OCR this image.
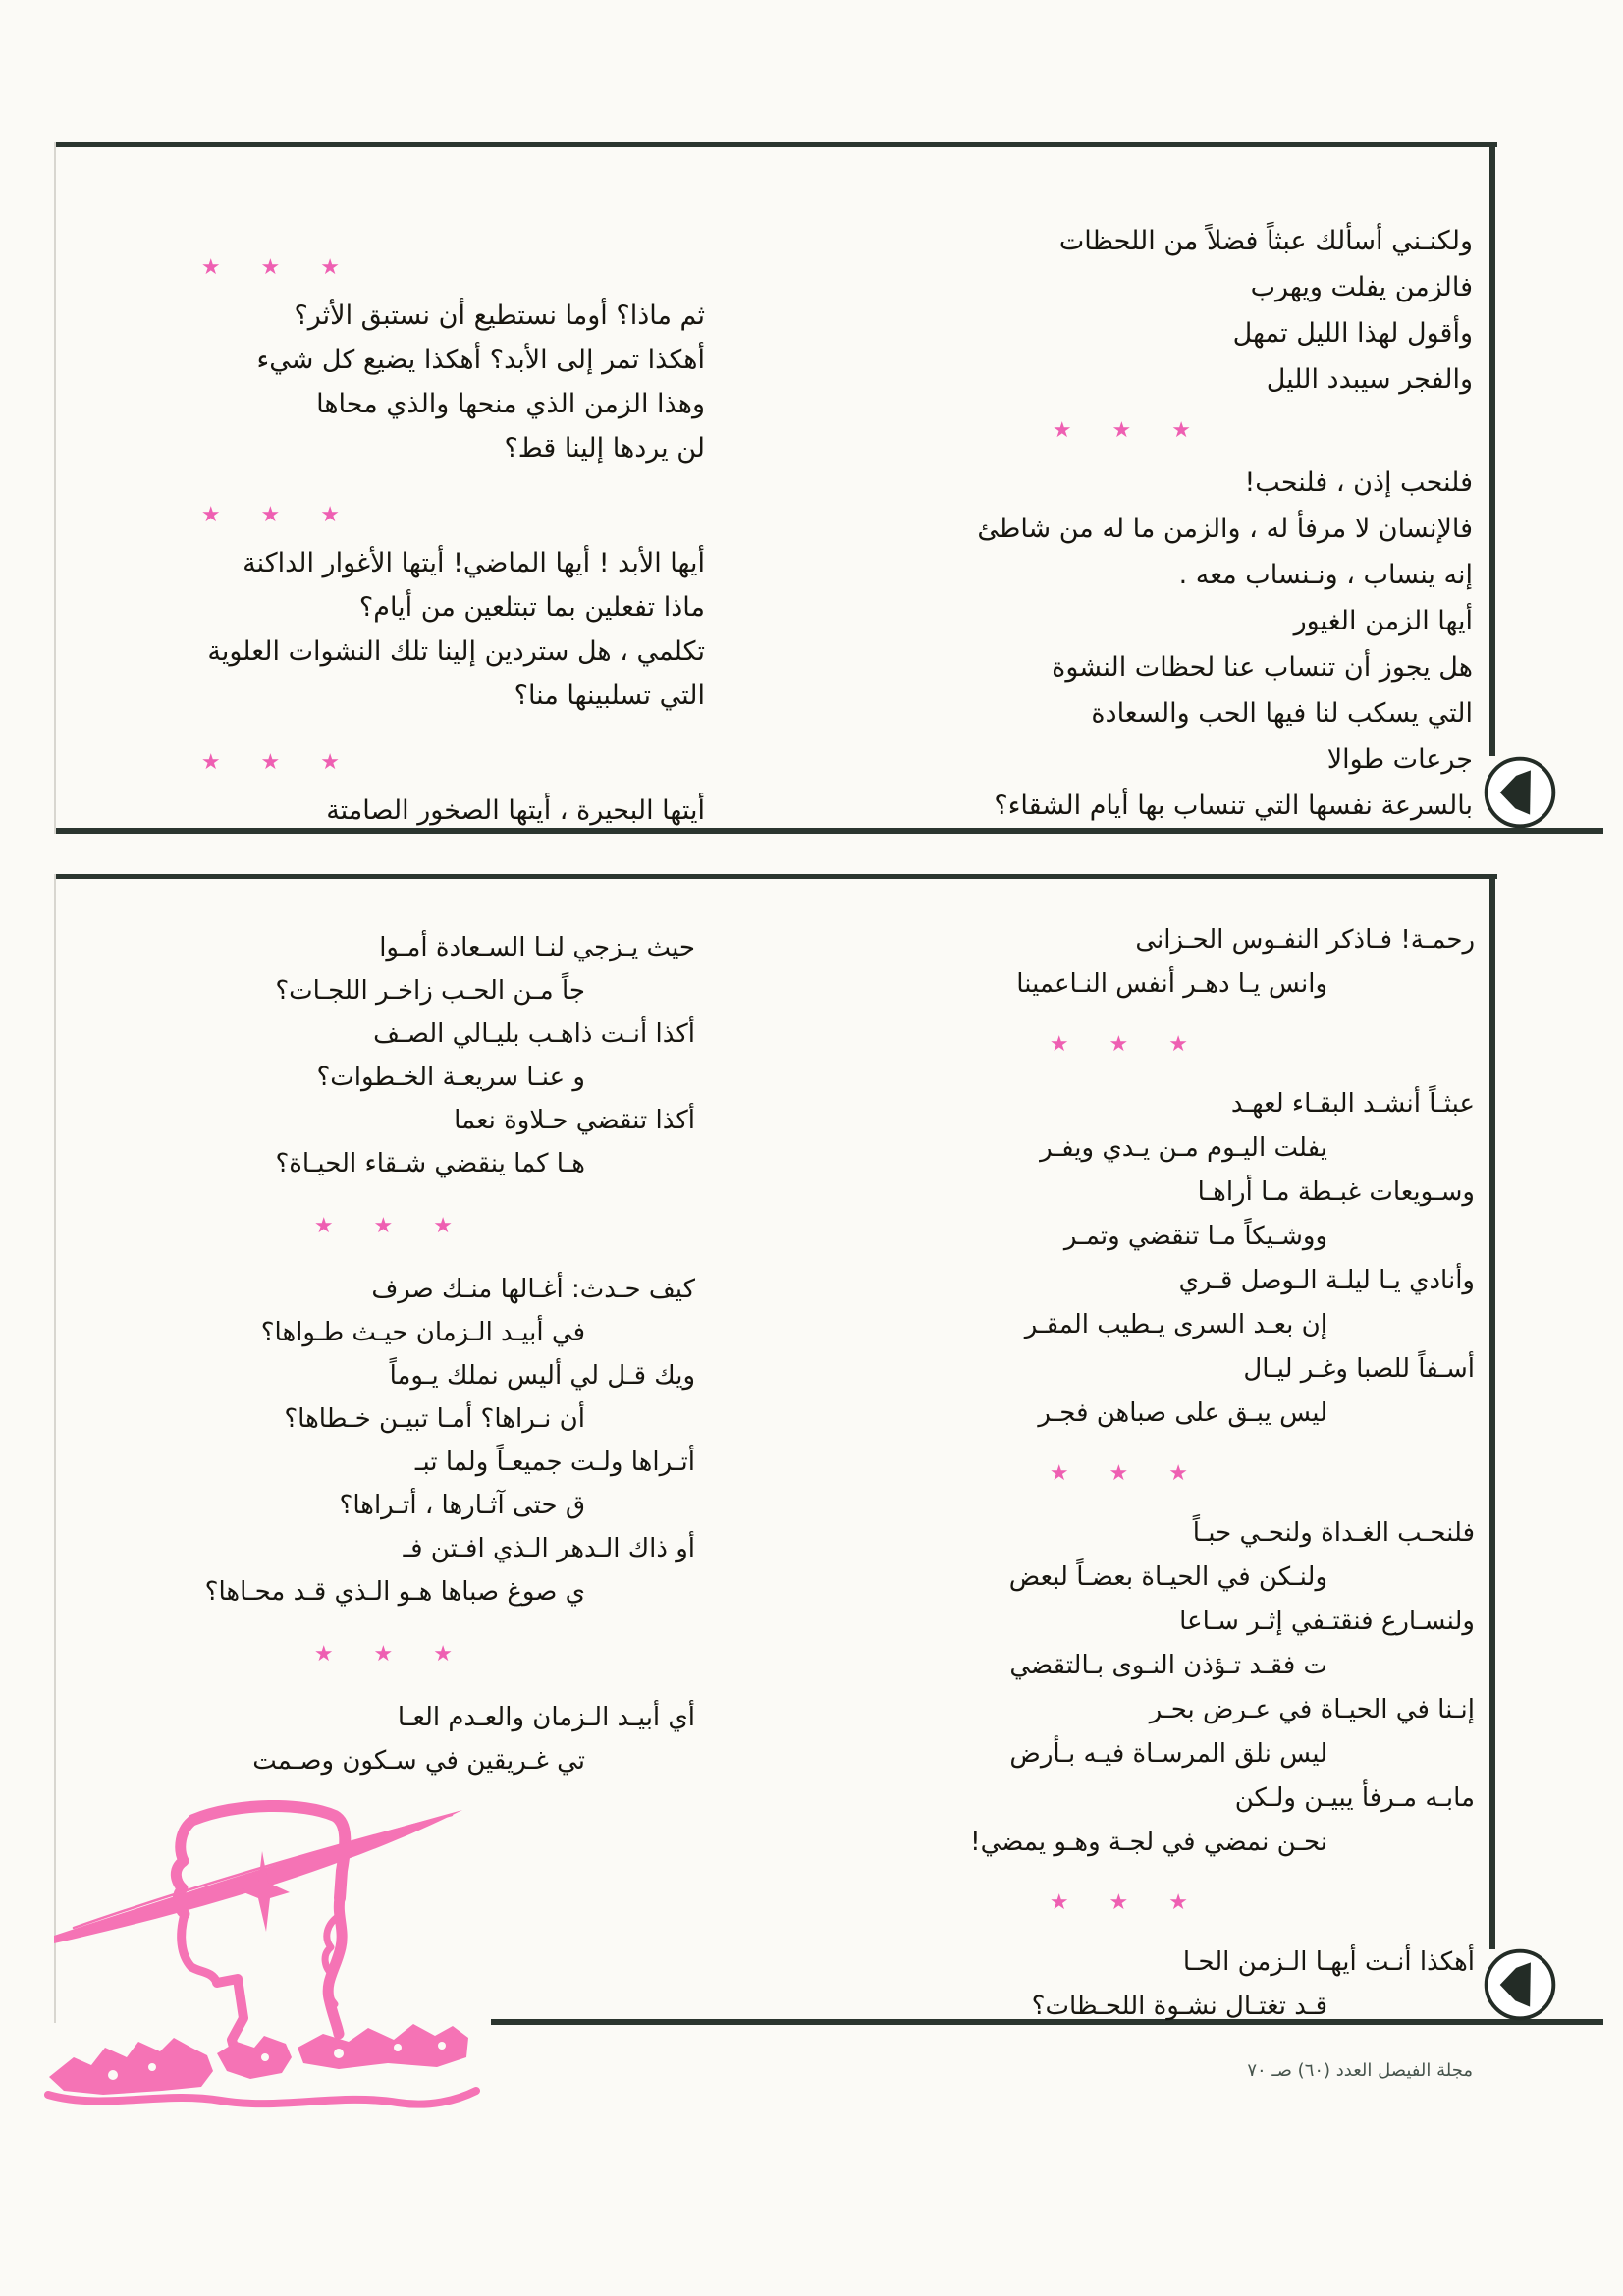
ولكنـني أسألك عبثاً فضلاً من اللحظات
فالزمن يفلت ويهرب
وأقول لهذا الليل تمهل
والفجر سيبدد الليل
★ ★ ★
فلنحب إذن ، فلنحب!
فالإنسان لا مرفأ له ، والزمن ما له من شاطئ
إنه ينساب ، ونـنساب معه .
أيها الزمن الغيور
هل يجوز أن تنساب عنا لحظات النشوة
التي يسكب لنا فيها الحب والسعادة
جرعات طوالا
بالسرعة نفسها التي تنساب بها أيام الشقاء؟
★ ★ ★
ثم ماذا؟ أوما نستطيع أن نستبق الأثر؟
أهكذا تمر إلى الأبد؟ أهكذا يضيع كل شيء
وهذا الزمن الذي منحها والذي محاها
لن يردها إلينا قط؟
★ ★ ★
أيها الأبد ! أيها الماضي! أيتها الأغوار الداكنة
ماذا تفعلين بما تبتلعين من أيام؟
تكلمي ، هل ستردين إلينا تلك النشوات العلوية
التي تسلبينها منا؟
★ ★ ★
أيتها البحيرة ، أيتها الصخور الصامتة
رحمـة! فـاذكر النفـوس الحـزانى
وانس يـا دهـر أنفس النـاعمينا
★ ★ ★
عبثـاً أنشـد البقـاء لعهـد
يفلت اليـوم مـن يـدي ويفـر
وسـويعات غبـطة مـا أراهـا
ووشـيكاً مـا تنقضي وتمـر
وأنادي يـا ليلـة الـوصل قـري
إن بعـد السرى يـطيب المقـر
أسـفاً للصبا وغـر ليـال
ليس يبـق على صباهن فجـر
★ ★ ★
فلنحـب الغـداة ولنحـي حبـاً
ولنـكن في الحيـاة بعضـاً لبعض
ولنسـارع فنقتـفي إثـر سـاعا
ت فقـد تـؤذن النـوى بـالتقضي
إنـنا في الحيـاة في عـرض بحـر
ليس نلق المرسـاة فيـه بـأرض
مابـه مـرفأ يبيـن ولـكن
نحـن نمضي في لجـة وهـو يمضي!
★ ★ ★
أهكذا أنـت أيهـا الـزمن الحـا
قـد تغتـال نشـوة اللحـظات؟
حيث يـزجي لنـا السـعادة أمـوا
جاً مـن الحـب زاخـر اللجـات؟
أكذا أنـت ذاهـب بليـالي الصـف
و عنـا سريعـة الخـطوات؟
أكذا تنقضي حـلاوة نعما
هـا كما ينقضي شـقاء الحيـاة؟
★ ★ ★
كيف حـدث: أغـالها منـك صرف
في أبيـد الـزمان حيـث طـواها؟
ويك قـل لي أليس نملك يـوماً
أن نـراها؟ أمـا تبيـن خـطاها؟
أتـراها ولـت جميعـاً ولما تبـ
ق حتى آثـارها ، أتـراها؟
أو ذاك الـدهر الـذي افـتن فـ
ي صوغ صباها هـو الـذي قـد محـاها؟
★ ★ ★
أي أبيـد الـزمان والعـدم العـا
تي غـريقين في سـكون وصـمت
مجلة الفيصل العدد (٦٠) صـ ٧٠
